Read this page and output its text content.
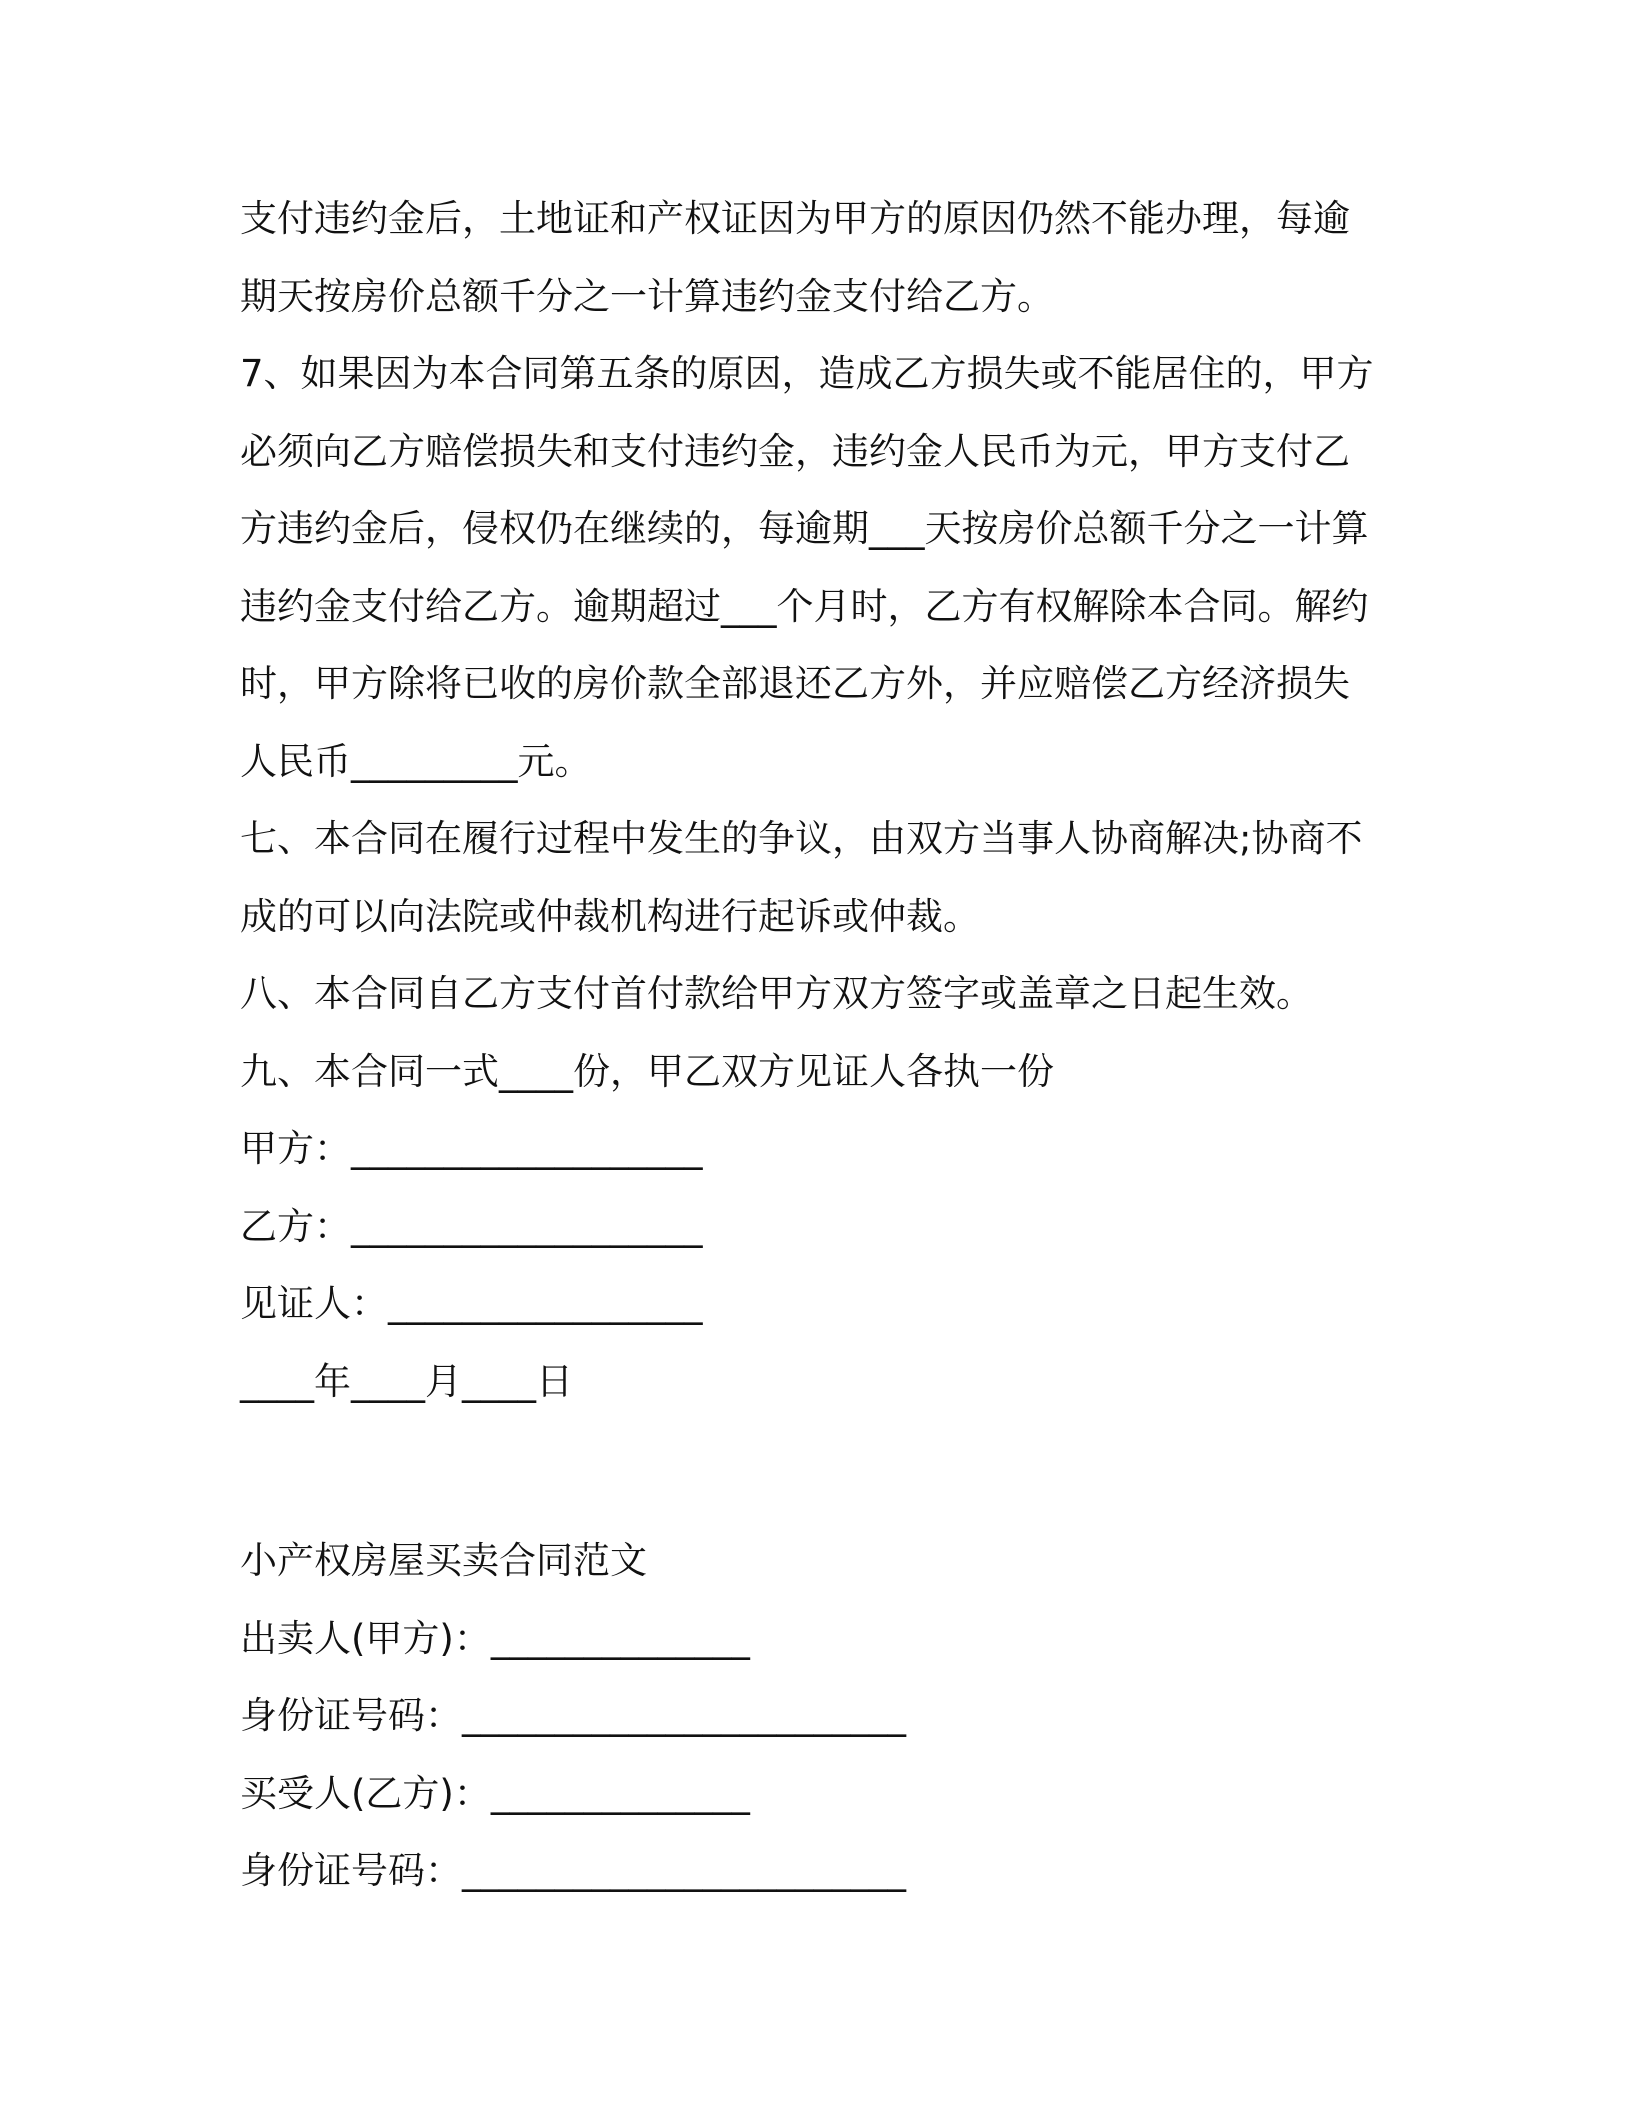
支付违约金后，土地证和产权证因为甲方的原因仍然不能办理，每逾
期天按房价总额千分之一计算违约金支付给乙方。
7、如果因为本合同第五条的原因，造成乙方损失或不能居住的，甲方
必须向乙方赔偿损失和支付违约金，违约金人民币为元，甲方支付乙
方违约金后，侵权仍在继续的，每逾期___天按房价总额千分之一计算
违约金支付给乙方。逾期超过___个月时，乙方有权解除本合同。解约
时，甲方除将已收的房价款全部退还乙方外，并应赔偿乙方经济损失
人民币_________元。
七、本合同在履行过程中发生的争议，由双方当事人协商解决;协商不
成的可以向法院或仲裁机构进行起诉或仲裁。
八、本合同自乙方支付首付款给甲方双方签字或盖章之日起生效。
九、本合同一式____份，甲乙双方见证人各执一份
甲方：___________________
乙方：___________________
见证人：_________________
____年____月____日
小产权房屋买卖合同范文
出卖人(甲方)：______________
身份证号码：________________________
买受人(乙方)：______________
身份证号码：________________________
